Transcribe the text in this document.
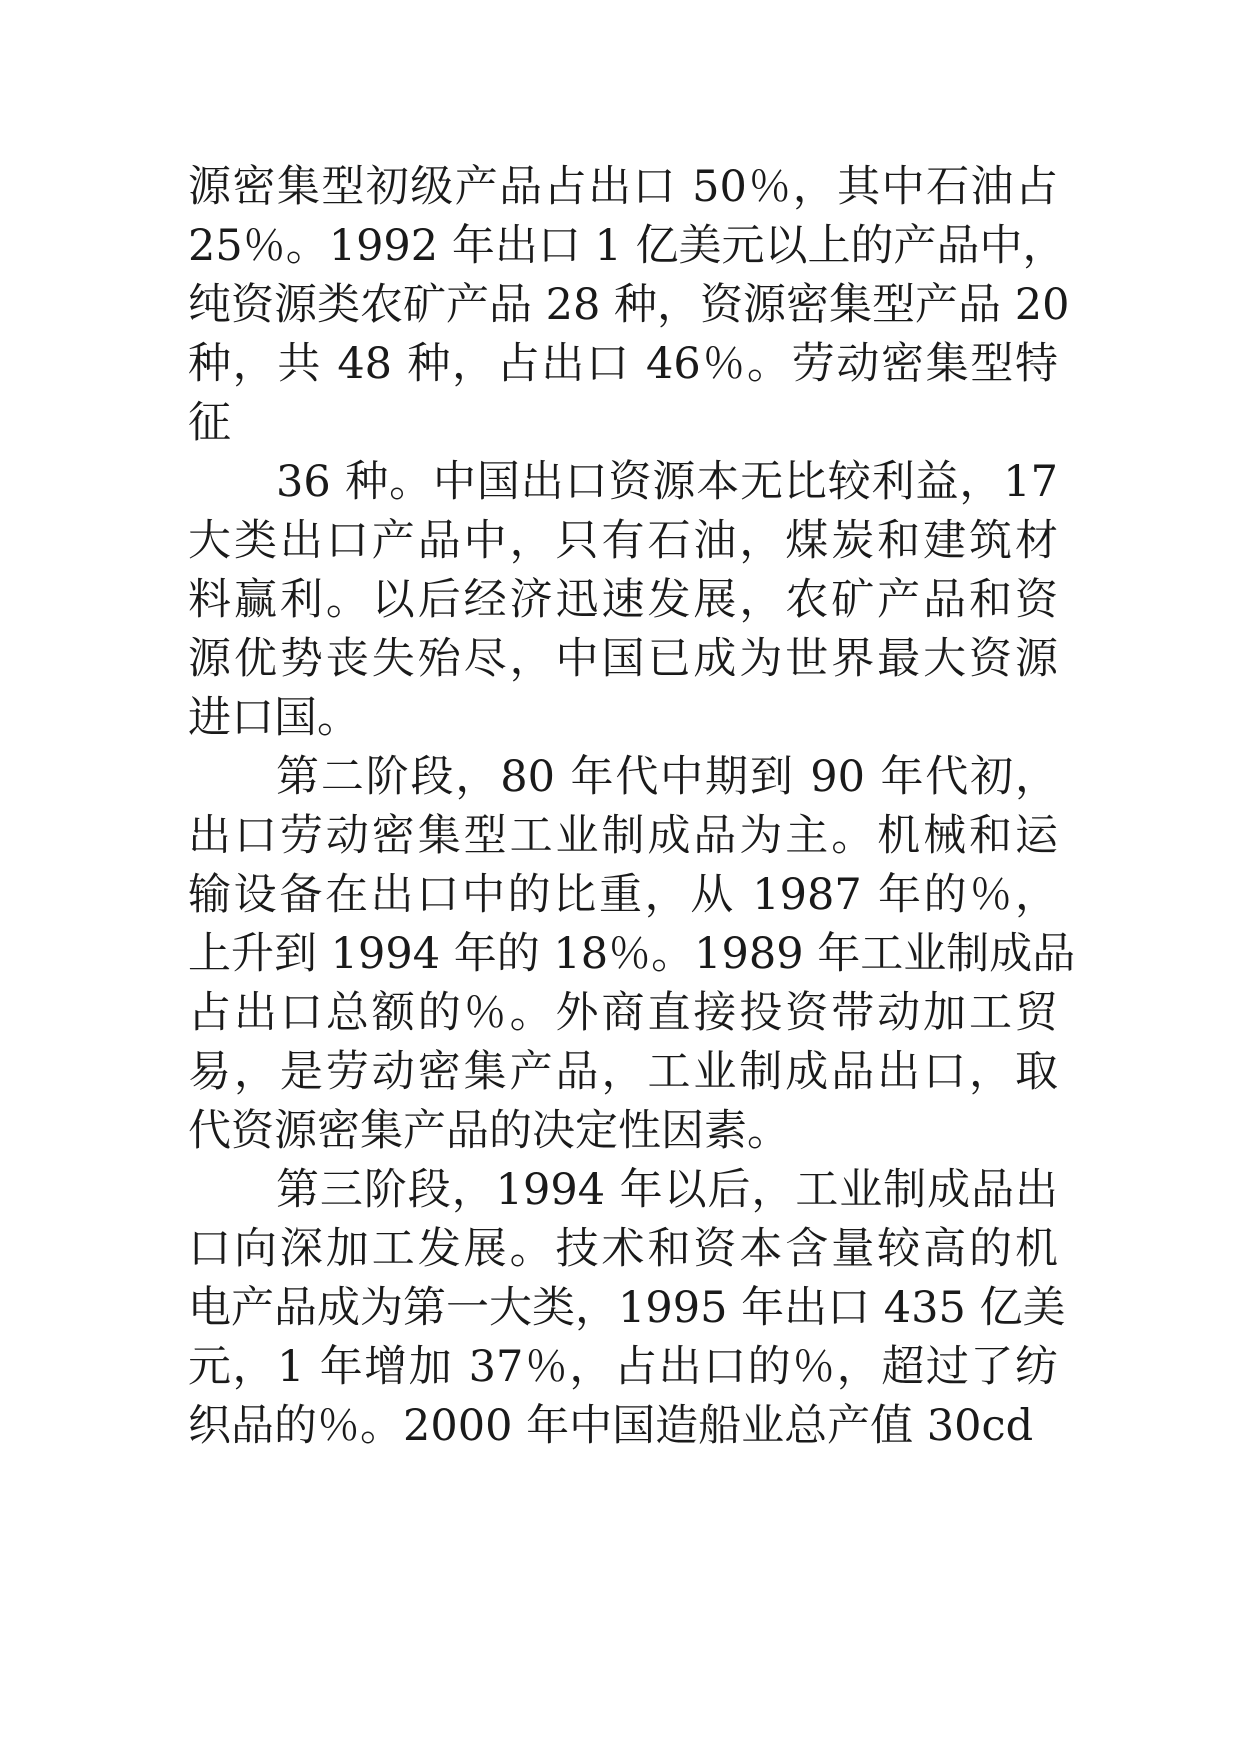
源密集型初级产品占出口 50％，其中石油占
25％。1992 年出口 1 亿美元以上的产品中，
纯资源类农矿产品 28 种，资源密集型产品 20
种，共 48 种，占出口 46％。劳动密集型特
征
36 种。中国出口资源本无比较利益，17
大类出口产品中，只有石油，煤炭和建筑材
料赢利。以后经济迅速发展，农矿产品和资
源优势丧失殆尽，中国已成为世界最大资源
进口国。
第二阶段，80 年代中期到 90 年代初，
出口劳动密集型工业制成品为主。机械和运
输设备在出口中的比重，从 1987 年的％，
上升到 1994 年的 18％。1989 年工业制成品
占出口总额的％。外商直接投资带动加工贸
易，是劳动密集产品，工业制成品出口，取
代资源密集产品的决定性因素。
第三阶段，1994 年以后，工业制成品出
口向深加工发展。技术和资本含量较高的机
电产品成为第一大类，1995 年出口 435 亿美
元，1 年增加 37％，占出口的％，超过了纺
织品的％。2000 年中国造船业总产值 30cd
